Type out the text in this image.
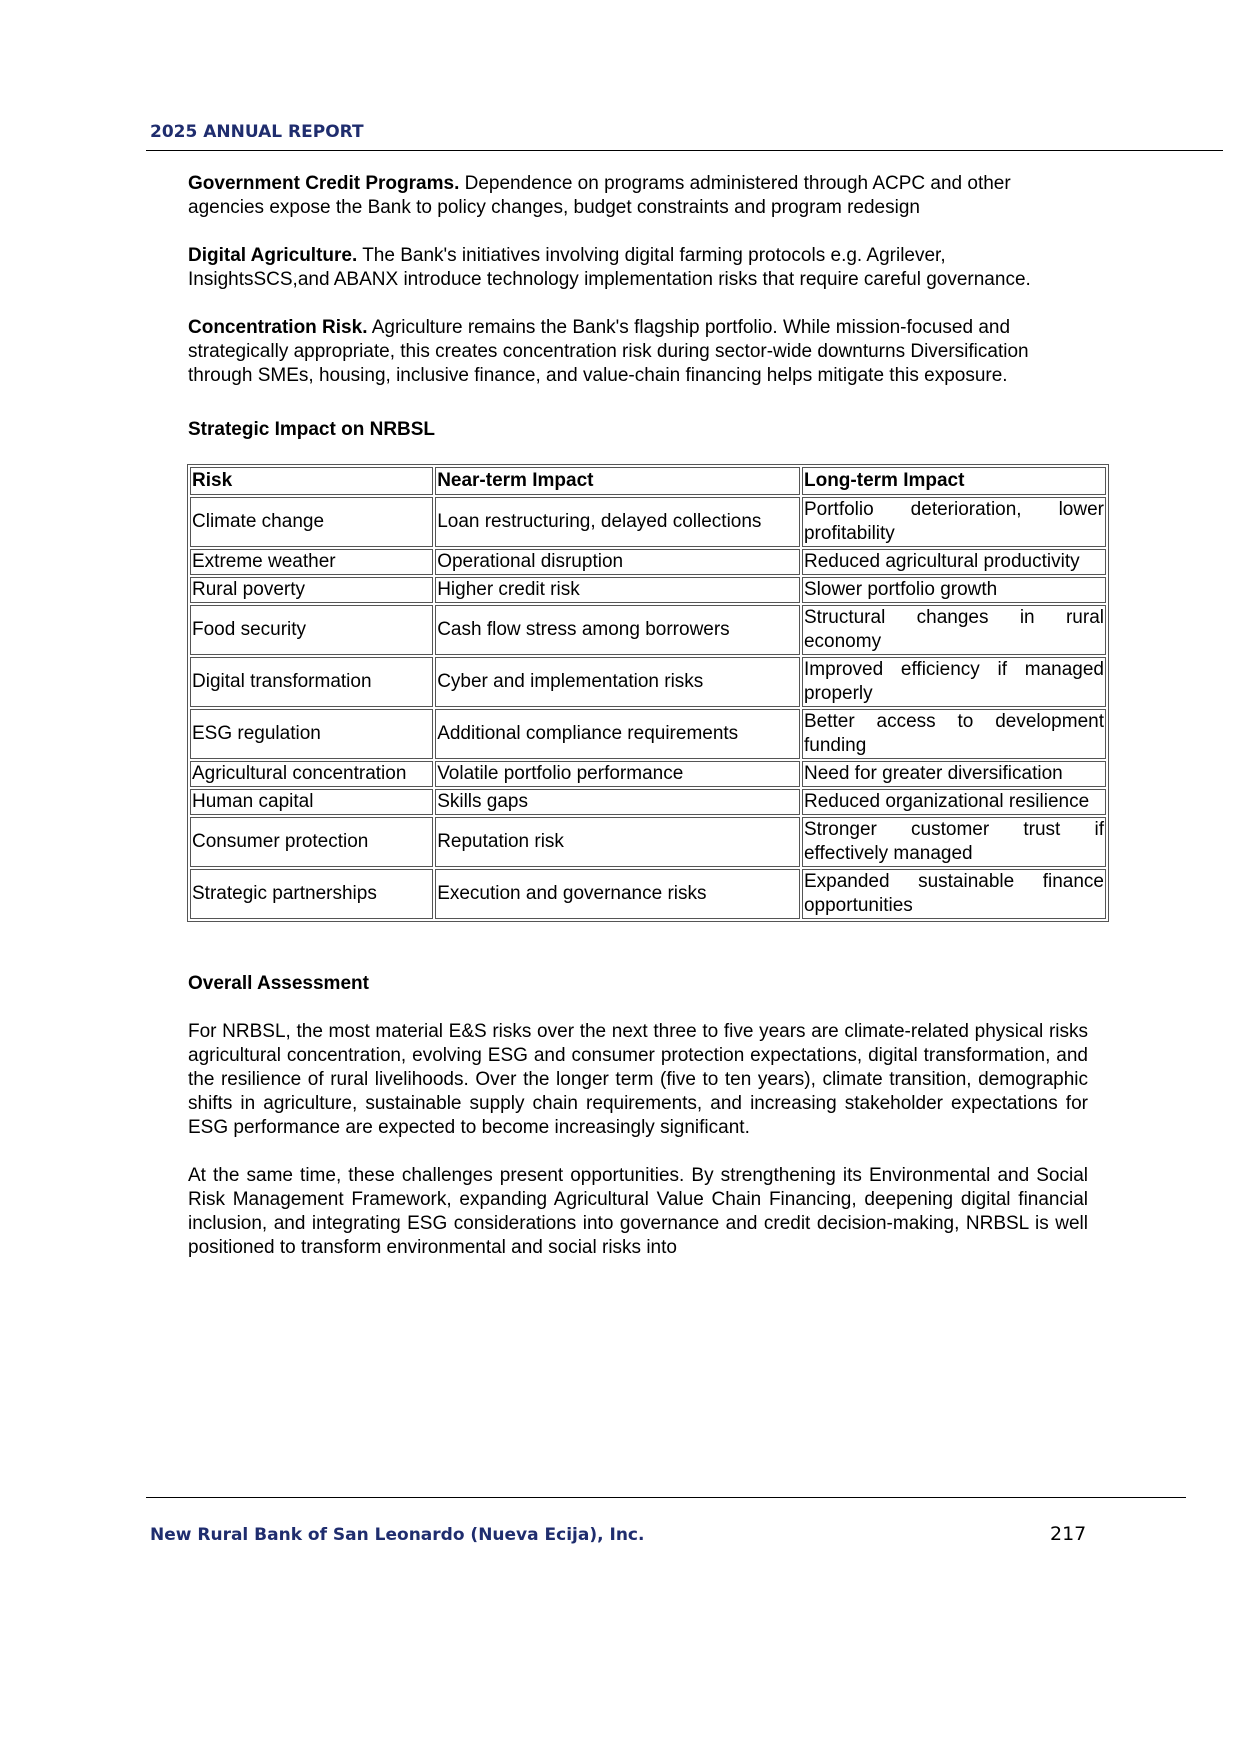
2025 ANNUAL REPORT

Government Credit Programs. Dependence on programs administered through ACPC and other agencies expose the Bank to policy changes, budget constraints and program redesign

Digital Agriculture. The Bank's initiatives involving digital farming protocols e.g. Agrilever, InsightsSCS,and ABANX introduce technology implementation risks that require careful governance.

Concentration Risk. Agriculture remains the Bank's flagship portfolio. While mission-focused and strategically appropriate, this creates concentration risk during sector-wide downturns Diversification through SMEs, housing, inclusive finance, and value-chain financing helps mitigate this exposure.

Strategic Impact on NRBSL

Risk	Near-term Impact	Long-term Impact
Climate change	Loan restructuring, delayed collections	Portfolio deterioration, lower profitability
Extreme weather	Operational disruption	Reduced agricultural productivity
Rural poverty	Higher credit risk	Slower portfolio growth
Food security	Cash flow stress among borrowers	Structural changes in rural economy
Digital transformation	Cyber and implementation risks	Improved efficiency if managed properly
ESG regulation	Additional compliance requirements	Better access to development funding
Agricultural concentration	Volatile portfolio performance	Need for greater diversification
Human capital	Skills gaps	Reduced organizational resilience
Consumer protection	Reputation risk	Stronger customer trust if effectively managed
Strategic partnerships	Execution and governance risks	Expanded sustainable finance opportunities

Overall Assessment

For NRBSL, the most material E&S risks over the next three to five years are climate-related physical risks agricultural concentration, evolving ESG and consumer protection expectations, digital transformation, and the resilience of rural livelihoods. Over the longer term (five to ten years), climate transition, demographic shifts in agriculture, sustainable supply chain requirements, and increasing stakeholder expectations for ESG performance are expected to become increasingly significant.

At the same time, these challenges present opportunities. By strengthening its Environmental and Social Risk Management Framework, expanding Agricultural Value Chain Financing, deepening digital financial inclusion, and integrating ESG considerations into governance and credit decision-making, NRBSL is well positioned to transform environmental and social risks into

New Rural Bank of San Leonardo (Nueva Ecija), Inc.	217
